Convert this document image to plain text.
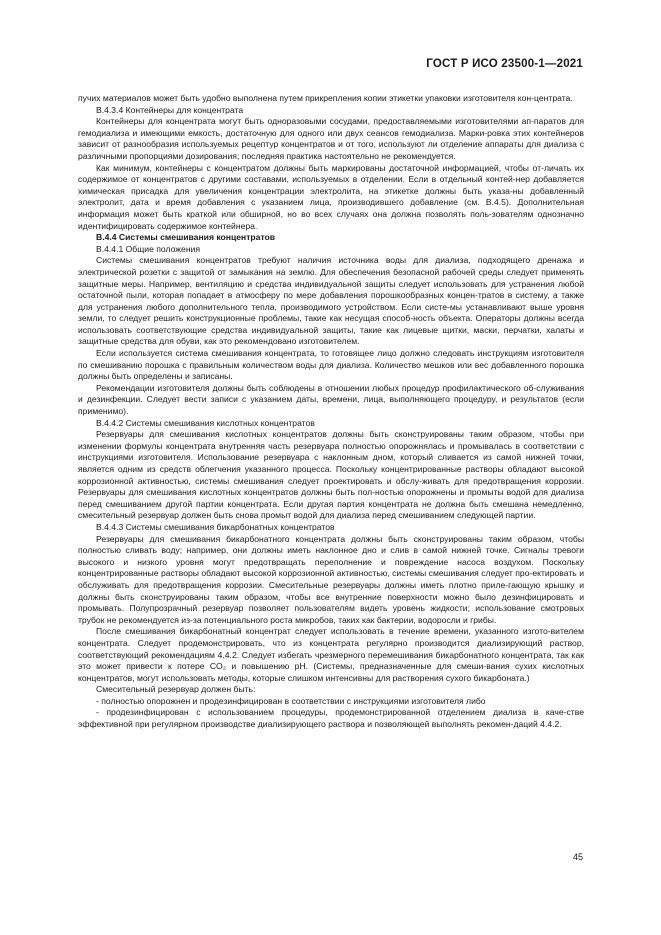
ГОСТ Р ИСО 23500-1—2021

пучих материалов может быть удобно выполнена путем прикрепления копии этикетки упаковки изготовителя кон-центрата.

B.4.3.4 Контейнеры для концентрата

Контейнеры для концентрата могут быть одноразовыми сосудами, предоставляемыми изготовителями ап-паратов для гемодиализа и имеющими емкость, достаточную для одного или двух сеансов гемодиализа. Марки-ровка этих контейнеров зависит от разнообразия используемых рецептур концентратов и от того, используют ли отделение аппараты для диализа с различными пропорциями дозирования; последняя практика настоятельно не рекомендуется.

Как минимум, контейнеры с концентратом должны быть маркированы достаточной информацией, чтобы от-личать их содержимое от концентратов с другими составами, используемых в отделении. Если в отдельный контей-нер добавляется химическая присадка для увеличения концентрации электролита, на этикетке должны быть указа-ны добавленный электролит, дата и время добавления с указанием лица, производившего добавление (см. B.4.5). Дополнительная информация может быть краткой или обширной, но во всех случаях она должна позволять поль-зователям однозначно идентифицировать содержимое контейнера.

B.4.4 Системы смешивания концентратов

B.4.4.1 Общие положения

Системы смешивания концентратов требуют наличия источника воды для диализа, подходящего дренажа и электрической розетки с защитой от замыкания на землю. Для обеспечения безопасной рабочей среды следует применять защитные меры. Например, вентиляцию и средства индивидуальной защиты следует использовать для устранения любой остаточной пыли, которая попадает в атмосферу по мере добавления порошкообразных концен-тратов в систему, а также для устранения любого дополнительного тепла, производимого устройством. Если систе-мы устанавливают выше уровня земли, то следует решить конструкционные проблемы, такие как несущая способ-ность объекта. Операторы должны всегда использовать соответствующие средства индивидуальной защиты, такие как лицевые щитки, маски, перчатки, халаты и защитные средства для обуви, как это рекомендовано изготовителем.

Если используется система смешивания концентрата, то готовящее лицо должно следовать инструкциям изготовителя по смешиванию порошка с правильным количеством воды для диализа. Количество мешков или вес добавленного порошка должны быть определены и записаны.

Рекомендации изготовителя должны быть соблюдены в отношении любых процедур профилактического об-служивания и дезинфекции. Следует вести записи с указанием даты, времени, лица, выполняющего процедуру, и результатов (если применимо).

B.4.4.2 Системы смешивания кислотных концентратов

Резервуары для смешивания кислотных концентратов должны быть сконструированы таким образом, чтобы при изменении формулы концентрата внутренняя часть резервуара полностью опорожнялась и промывалась в соответствии с инструкциями изготовителя. Использование резервуара с наклонным дном, который сливается из самой нижней точки, является одним из средств облегчения указанного процесса. Поскольку концентрированные растворы обладают высокой коррозионной активностью, системы смешивания следует проектировать и обслу-живать для предотвращения коррозии. Резервуары для смешивания кислотных концентратов должны быть пол-ностью опорожнены и промыты водой для диализа перед смешиванием другой партии концентрата. Если другая партия концентрата не должна быть смешана немедленно, смесительный резервуар должен быть снова промыт водой для диализа перед смешиванием следующей партии.

B.4.4.3 Системы смешивания бикарбонатных концентратов

Резервуары для смешивания бикарбонатного концентрата должны быть сконструированы таким образом, чтобы полностью сливать воду; например, они должны иметь наклонное дно и слив в самой нижней точке. Сигналы тревоги высокого и низкого уровня могут предотвращать переполнение и повреждение насоса воздухом. Поскольку концентрированные растворы обладают высокой коррозионной активностью, системы смешивания следует про-ектировать и обслуживать для предотвращения коррозии. Смесительные резервуары должны иметь плотно приле-гающую крышку и должны быть сконструированы таким образом, чтобы все внутренние поверхности можно было дезинфицировать и промывать. Полупрозрачный резервуар позволяет пользователям видеть уровень жидкости; использование смотровых трубок не рекомендуется из-за потенциального роста микробов, таких как бактерии, водоросли и грибы.

После смешивания бикарбонатный концентрат следует использовать в течение времени, указанного изгото-вителем концентрата. Следует продемонстрировать, что из концентрата регулярно производится диализирующий раствор, соответствующий рекомендациям 4.4.2. Следует избегать чрезмерного перемешивания бикарбонатного концентрата, так как это может привести к потере CO₂ и повышению pH. (Системы, предназначенные для смеши-вания сухих кислотных концентратов, могут использовать методы, которые слишком интенсивны для растворения сухого бикарбоната.)

Смесительный резервуар должен быть:

- полностью опорожнен и продезинфицирован в соответствии с инструкциями изготовителя либо

- продезинфицирован с использованием процедуры, продемонстрированной отделением диализа в каче-стве эффективной при регулярном производстве диализирующего раствора и позволяющей выполнять рекомен-даций 4.4.2.

45
